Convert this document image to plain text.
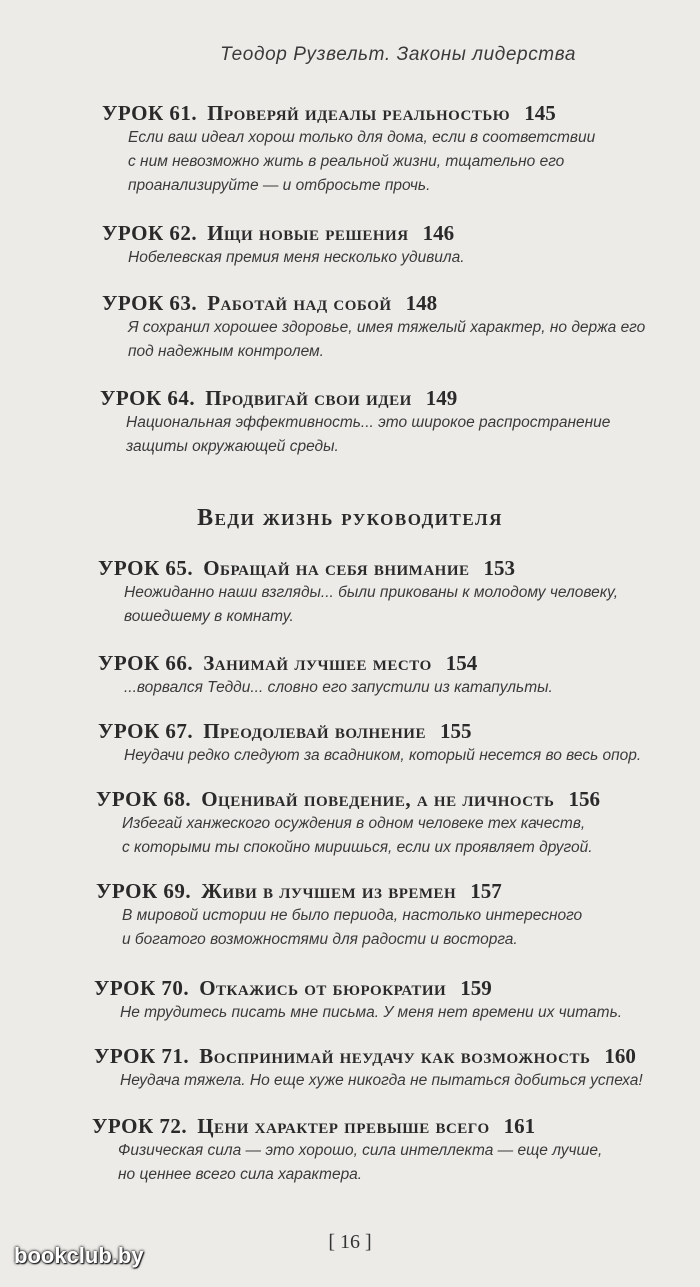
Теодор Рузвельт. Законы лидерства
УРОК 61. Проверяй идеалы реальностью 145
Если ваш идеал хорош только для дома, если в соответствии
с ним невозможно жить в реальной жизни, тщательно его
проанализируйте — и отбросьте прочь.
УРОК 62. Ищи новые решения 146
Нобелевская премия меня несколько удивила.
УРОК 63. Работай над собой 148
Я сохранил хорошее здоровье, имея тяжелый характер, но держа его
под надежным контролем.
УРОК 64. Продвигай свои идеи 149
Национальная эффективность... это широкое распространение
защиты окружающей среды.
Веди жизнь руководителя
УРОК 65. Обращай на себя внимание 153
Неожиданно наши взгляды... были прикованы к молодому человеку,
вошедшему в комнату.
УРОК 66. Занимай лучшее место 154
...ворвался Тедди... словно его запустили из катапульты.
УРОК 67. Преодолевай волнение 155
Неудачи редко следуют за всадником, который несется во весь опор.
УРОК 68. Оценивай поведение, а не личность 156
Избегай ханжеского осуждения в одном человеке тех качеств,
с которыми ты спокойно миришься, если их проявляет другой.
УРОК 69. Живи в лучшем из времен 157
В мировой истории не было периода, настолько интересного
и богатого возможностями для радости и восторга.
УРОК 70. Откажись от бюрократии 159
Не трудитесь писать мне письма. У меня нет времени их читать.
УРОК 71. Воспринимай неудачу как возможность 160
Неудача тяжела. Но еще хуже никогда не пытаться добиться успеха!
УРОК 72. Цени характер превыше всего 161
Физическая сила — это хорошо, сила интеллекта — еще лучше,
но ценнее всего сила характера.
[ 16 ]
bookclub.by
